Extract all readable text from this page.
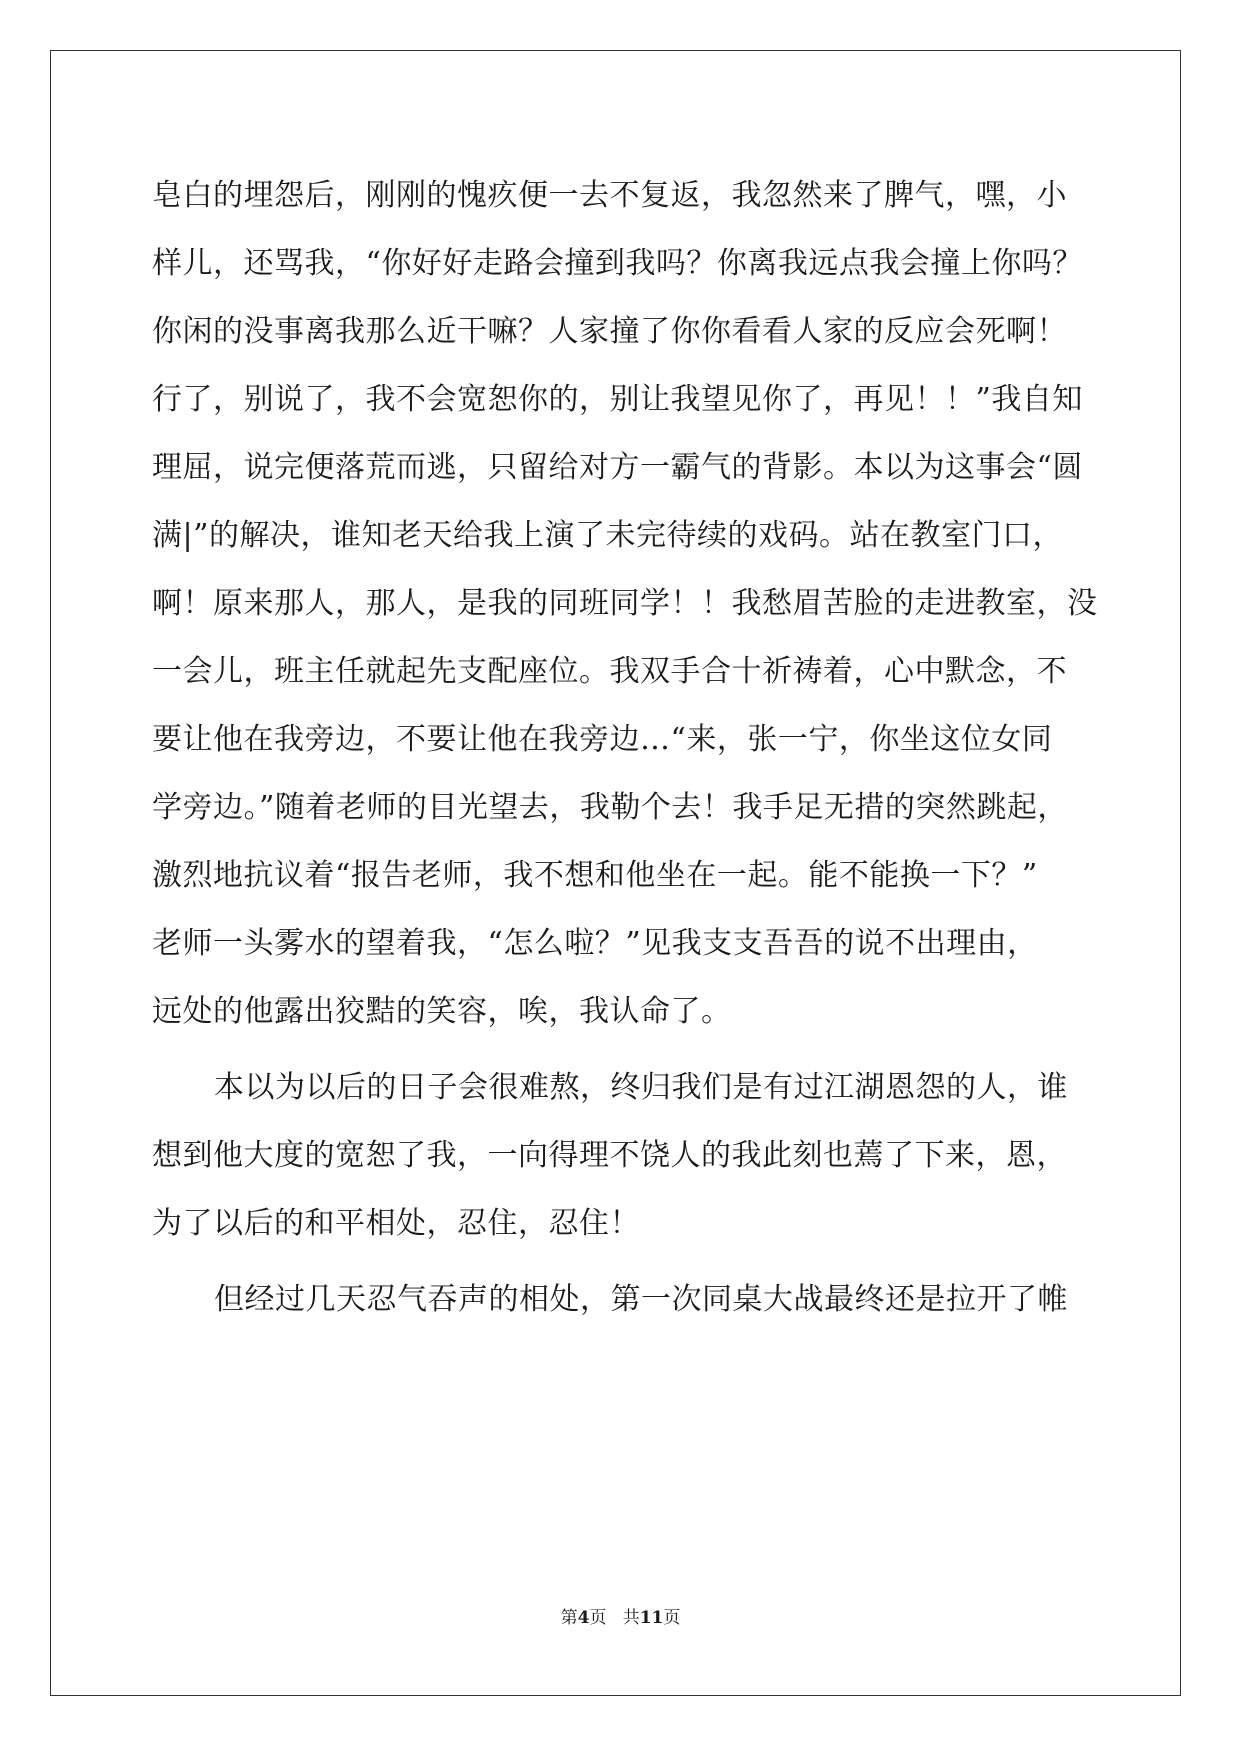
皂白的埋怨后，刚刚的愧疚便一去不复返，我忽然来了脾气，嘿，小
样儿，还骂我，“你好好走路会撞到我吗？你离我远点我会撞上你吗？
你闲的没事离我那么近干嘛？人家撞了你你看看人家的反应会死啊！
行了，别说了，我不会宽恕你的，别让我望见你了，再见！！”我自知
理屈，说完便落荒而逃，只留给对方一霸气的背影。本以为这事会“圆
满|”的解决，谁知老天给我上演了未完待续的戏码。站在教室门口，
啊！原来那人，那人，是我的同班同学！！我愁眉苦脸的走进教室，没
一会儿，班主任就起先支配座位。我双手合十祈祷着，心中默念，不
要让他在我旁边，不要让他在我旁边…“来，张一宁，你坐这位女同
学旁边。”随着老师的目光望去，我勒个去！我手足无措的突然跳起，
激烈地抗议着“报告老师，我不想和他坐在一起。能不能换一下？”
老师一头雾水的望着我，“怎么啦？”见我支支吾吾的说不出理由，
远处的他露出狡黠的笑容，唉，我认命了。
本以为以后的日子会很难熬，终归我们是有过江湖恩怨的人，谁
想到他大度的宽恕了我，一向得理不饶人的我此刻也蔫了下来，恩，
为了以后的和平相处，忍住，忍住！
但经过几天忍气吞声的相处，第一次同桌大战最终还是拉开了帷
第4页 共11页
